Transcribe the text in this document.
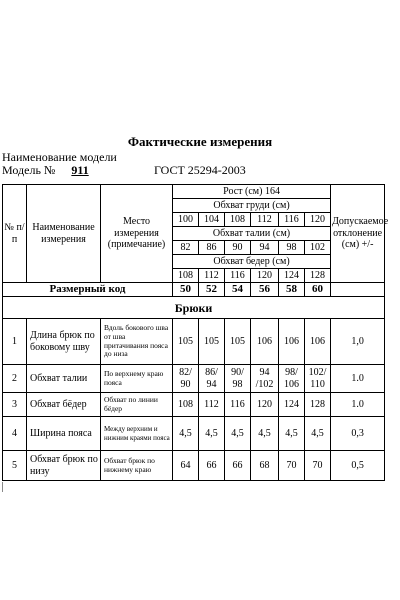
Фактические измерения
Наименование модели
Модель № 911	ГОСТ 25294-2003
№ п/п	Наименование измерения	Место измерения (примечание)	Рост (см) 164						Допускаемое отклонение (см) +/-
			Обхват груди (см)						
			100	104	108	112	116	120	
			Обхват талии (см)						
			82	86	90	94	98	102	
			Обхват бедер (см)						
			108	112	116	120	124	128	
Размерный код			50	52	54	56	58	60	
Брюки									
1	Длина брюк по боковому шву	Вдоль бокового шва от шва притачивания пояса до низа	105	105	105	106	106	106	1,0
2	Обхват талии	По верхнему краю пояса	82/ 90	86/ 94	90/ 98	94 /102	98/ 106	102/ 110	1.0
3	Обхват бёдер	Обхват по линии бёдер	108	112	116	120	124	128	1.0
4	Ширина пояса	Между верхним и нижним краями пояса	4,5	4,5	4,5	4,5	4,5	4,5	0,3
5	Обхват брюк по низу	Обхват брюк по нижнему краю	64	66	66	68	70	70	0,5
